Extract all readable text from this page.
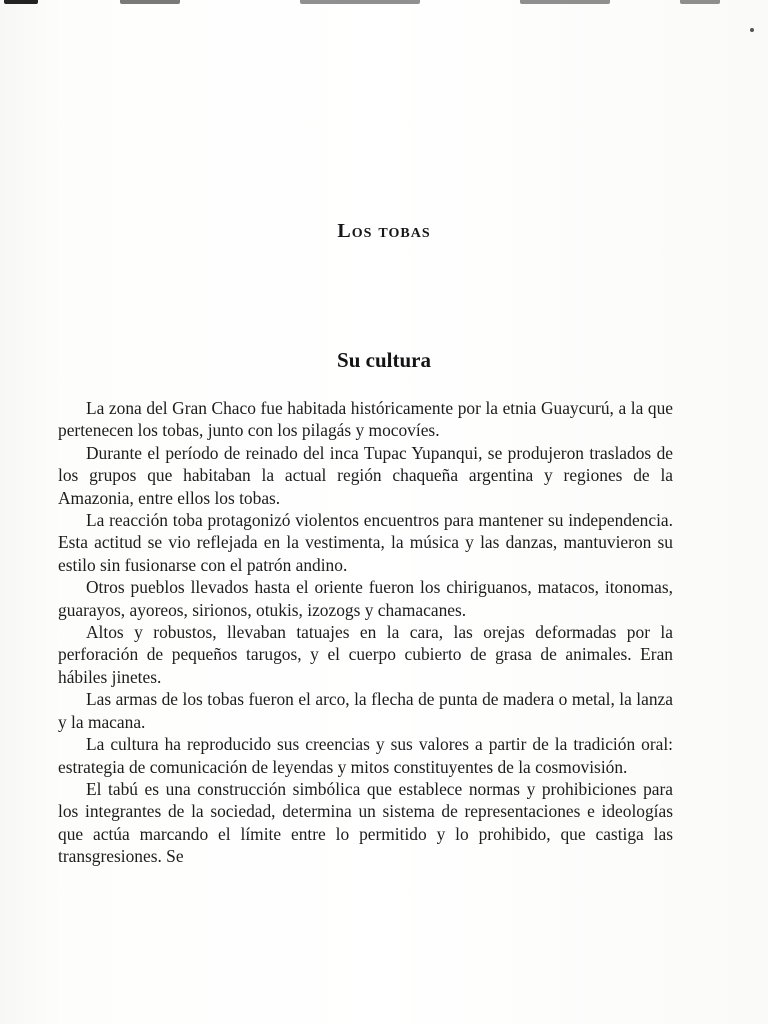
Los tobas
Su cultura

La zona del Gran Chaco fue habitada históricamente por la etnia Guaycurú, a la que pertenecen los tobas, junto con los pilagás y mocovíes.

Durante el período de reinado del inca Tupac Yupanqui, se produjeron traslados de los grupos que habitaban la actual región chaqueña argentina y regiones de la Amazonia, entre ellos los tobas.

La reacción toba protagonizó violentos encuentros para mantener su independencia. Esta actitud se vio reflejada en la vestimenta, la música y las danzas, mantuvieron su estilo sin fusionarse con el patrón andino.

Otros pueblos llevados hasta el oriente fueron los chiriguanos, matacos, itonomas, guarayos, ayoreos, sirionos, otukis, izozogs y chamacanes.

Altos y robustos, llevaban tatuajes en la cara, las orejas deformadas por la perforación de pequeños tarugos, y el cuerpo cubierto de grasa de animales. Eran hábiles jinetes.

Las armas de los tobas fueron el arco, la flecha de punta de madera o metal, la lanza y la macana.

La cultura ha reproducido sus creencias y sus valores a partir de la tradición oral: estrategia de comunicación de leyendas y mitos constituyentes de la cosmovisión.

El tabú es una construcción simbólica que establece normas y prohibiciones para los integrantes de la sociedad, determina un sistema de representaciones e ideologías que actúa marcando el límite entre lo permitido y lo prohibido, que castiga las transgresiones. Se
